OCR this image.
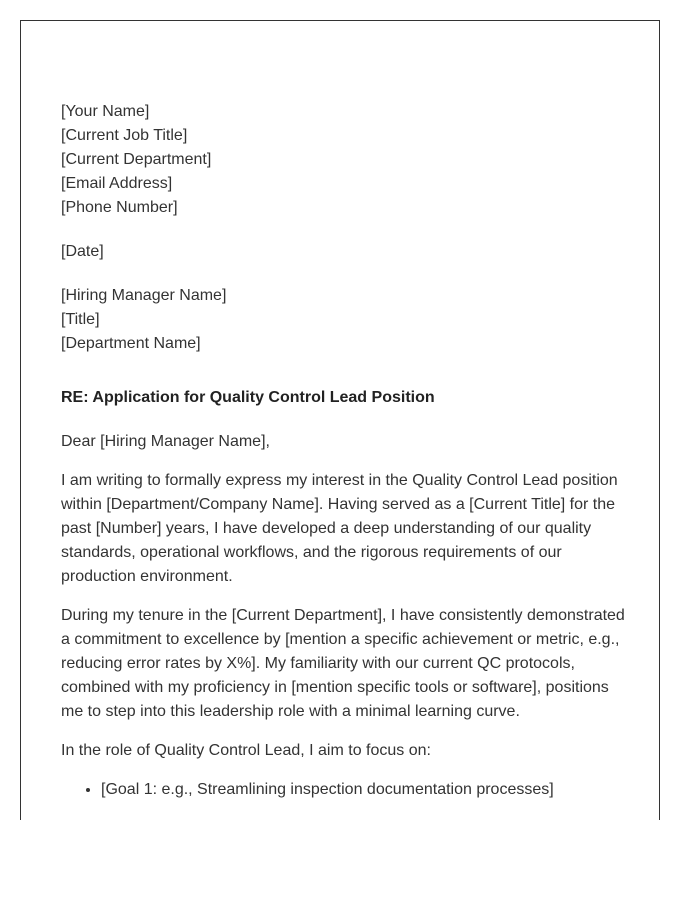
[Your Name]
[Current Job Title]
[Current Department]
[Email Address]
[Phone Number]
[Date]
[Hiring Manager Name]
[Title]
[Department Name]
RE: Application for Quality Control Lead Position
Dear [Hiring Manager Name],

I am writing to formally express my interest in the Quality Control Lead position within [Department/Company Name]. Having served as a [Current Title] for the past [Number] years, I have developed a deep understanding of our quality standards, operational workflows, and the rigorous requirements of our production environment.

During my tenure in the [Current Department], I have consistently demonstrated a commitment to excellence by [mention a specific achievement or metric, e.g., reducing error rates by X%]. My familiarity with our current QC protocols, combined with my proficiency in [mention specific tools or software], positions me to step into this leadership role with a minimal learning curve.

In the role of Quality Control Lead, I aim to focus on:

• [Goal 1: e.g., Streamlining inspection documentation processes]
